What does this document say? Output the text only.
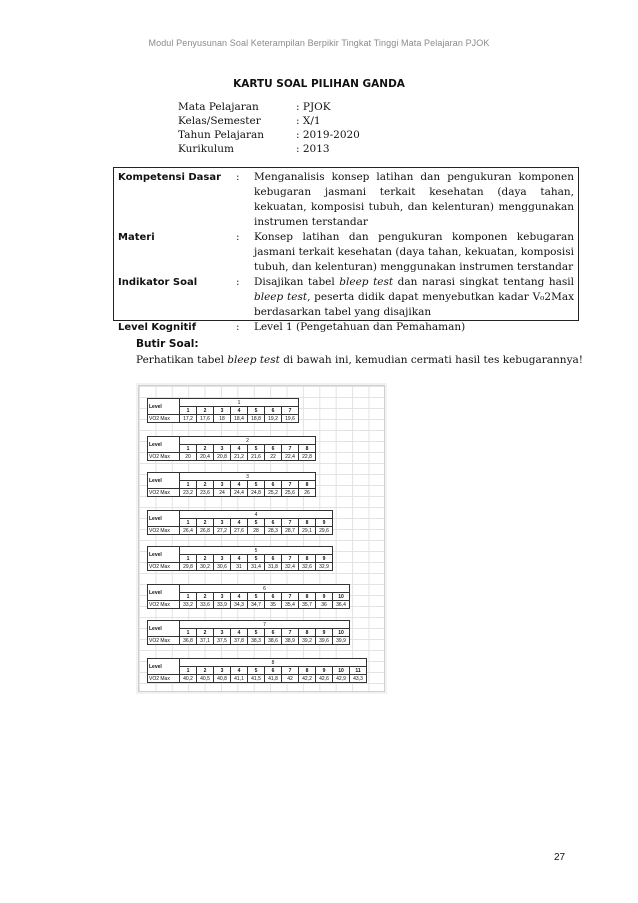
Modul Penyusunan Soal Keterampilan Berpikir Tingkat Tinggi Mata Pelajaran PJOK
KARTU SOAL PILIHAN GANDA
Mata Pelajaran	: PJOK
Kelas/Semester	: X/1
Tahun Pelajaran	: 2019-2020
Kurikulum	: 2013
Kompetensi Dasar	:	Menganalisis konsep latihan dan pengukuran komponen kebugaran jasmani terkait kesehatan (daya tahan, kekuatan, komposisi tubuh, dan kelenturan) menggunakan instrumen terstandar
Materi	:	Konsep latihan dan pengukuran komponen kebugaran jasmani terkait kesehatan (daya tahan, kekuatan, komposisi tubuh, dan kelenturan) menggunakan instrumen terstandar
Indikator Soal	:	Disajikan tabel bleep test dan narasi singkat tentang hasil bleep test, peserta didik dapat menyebutkan kadar V₀2Max berdasarkan tabel yang disajikan
Level Kognitif	:	Level 1 (Pengetahuan dan Pemahaman)
Butir Soal:
Perhatikan tabel bleep test di bawah ini, kemudian cermati hasil tes kebugarannya!
Level	1						
	1	2	3	4	5	6	7
VO2 Max	17,2	17,6	18	18,4	18,8	19,2	19,6
Level	2							
	1	2	3	4	5	6	7	8
VO2 Max	20	20,4	20,8	21,2	21,6	22	22,4	22,8
Level	3							
	1	2	3	4	5	6	7	8
VO2 Max	23,2	23,6	24	24,4	24,8	25,2	25,6	26
Level	4								
	1	2	3	4	5	6	7	8	9
VO2 Max	26,4	26,8	27,2	27,6	28	28,3	28,7	29,1	29,6
Level	5								
	1	2	3	4	5	6	7	8	9
VO2 Max	29,8	30,2	30,6	31	31,4	31,8	32,4	32,6	32,9
Level	6									
	1	2	3	4	5	6	7	8	9	10
VO2 Max	33,2	33,6	33,9	34,3	34,7	35	35,4	35,7	36	36,4
Level	7									
	1	2	3	4	5	6	7	8	9	10
VO2 Max	36,8	37,1	37,5	37,8	38,3	38,6	38,9	39,2	39,6	39,9
Level	8										
	1	2	3	4	5	6	7	8	9	10	11
VO2 Max	40,2	40,5	40,8	41,1	41,5	41,8	42	42,2	42,6	42,9	43,3
27
